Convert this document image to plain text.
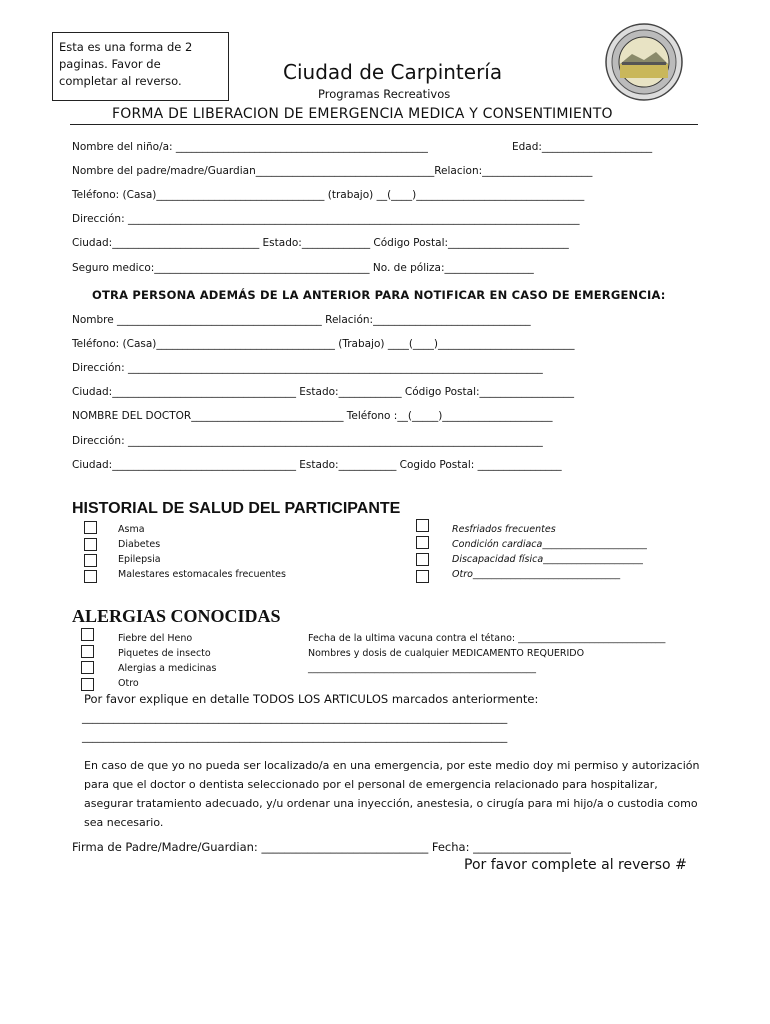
Esta es una forma de 2 paginas. Favor de completar al reverso.	Ciudad de Carpintería
Programas Recreativos
FORMA DE LIBERACION DE EMERGENCIA MEDICA Y CONSENTIMIENTO
Nombre del niño/a: ________________________________________________	Edad:_____________________
Nombre del padre/madre/Guardian__________________________________Relacion:_____________________
Teléfono: (Casa)________________________________ (trabajo) __(____)________________________________
Dirección: ______________________________________________________________________________________
Ciudad:____________________________ Estado:_____________ Código Postal:_______________________
Seguro medico:_________________________________________ No. de póliza:_________________
OTRA PERSONA ADEMÁS DE LA ANTERIOR PARA NOTIFICAR EN CASO DE EMERGENCIA:
Nombre _______________________________________ Relación:______________________________
Teléfono: (Casa)__________________________________ (Trabajo) ____(____)__________________________
Dirección: _______________________________________________________________________________
Ciudad:___________________________________ Estado:____________ Código Postal:__________________
NOMBRE DEL DOCTOR_____________________________ Teléfono :__(_____)_____________________
Dirección: _______________________________________________________________________________
Ciudad:___________________________________ Estado:___________ Cogido Postal: ________________
HISTORIAL DE SALUD DEL PARTICIPANTE
Asma
Diabetes
Epilepsia
Malestares estomacales frecuentes
Resfriados frecuentes
Condición cardiaca______________________
Discapacidad física_____________________
Otro_______________________________
ALERGIAS CONOCIDAS
Fiebre del Heno
Piquetes de insecto
Alergias a medicinas
Otro
Fecha de la ultima vacuna contra el tétano: _______________________________
Nombres y dosis de cualquier MEDICAMENTO REQUERIDO
________________________________________________
Por favor explique en detalle TODOS LOS ARTICULOS marcados anteriormente:
_________________________________________________________________________________
_________________________________________________________________________________
En caso de que yo no pueda ser localizado/a en una emergencia, por este medio doy mi permiso y autorización para que el doctor o dentista seleccionado por el personal de emergencia relacionado para hospitalizar, asegurar tratamiento adecuado, y/u ordenar una inyección, anestesia, o cirugía para mi hijo/a o custodia como sea necesario.
Firma de Padre/Madre/Guardian: _____________________________ Fecha: _________________
Por favor complete al reverso #
